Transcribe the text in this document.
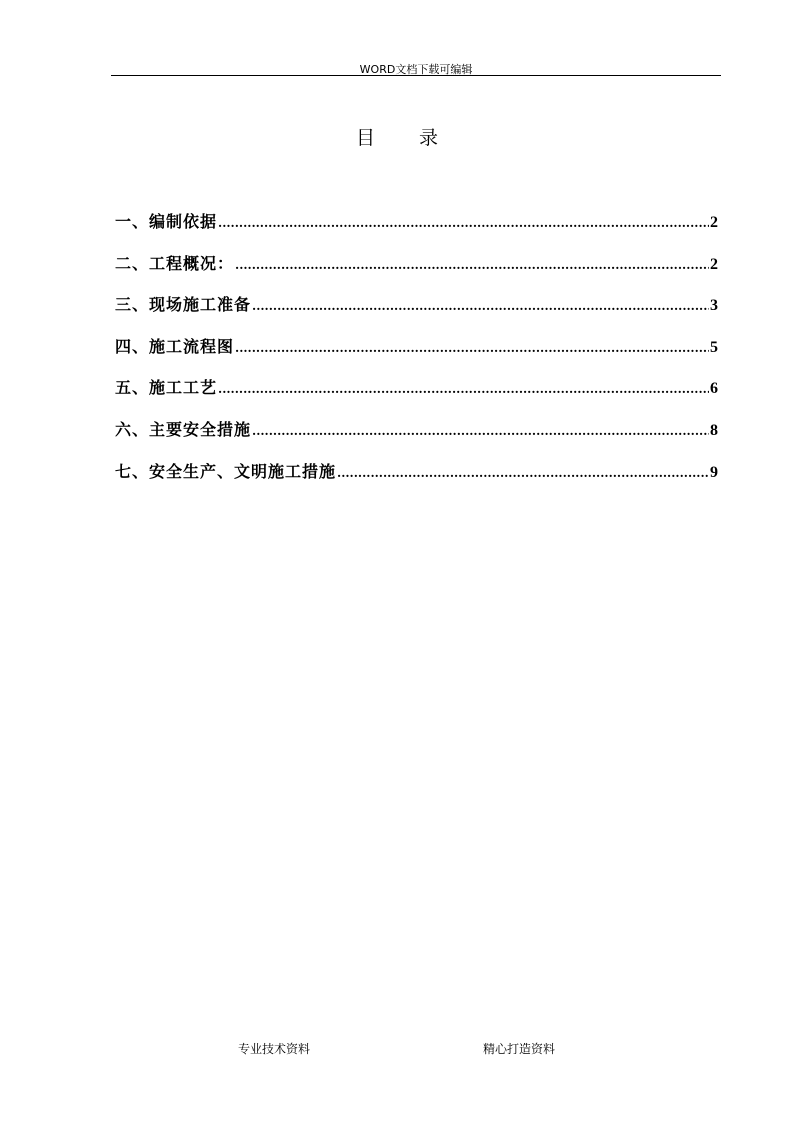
WORD文档下载可编辑
目录
一、编制依据 .....	2
二、工程概况： .....	2
三、现场施工准备 .....	3
四、施工流程图 .....	5
五、施工工艺 .....	6
六、主要安全措施 .....	8
七、安全生产、文明施工措施 .....	9
专业技术资料	精心打造资料
